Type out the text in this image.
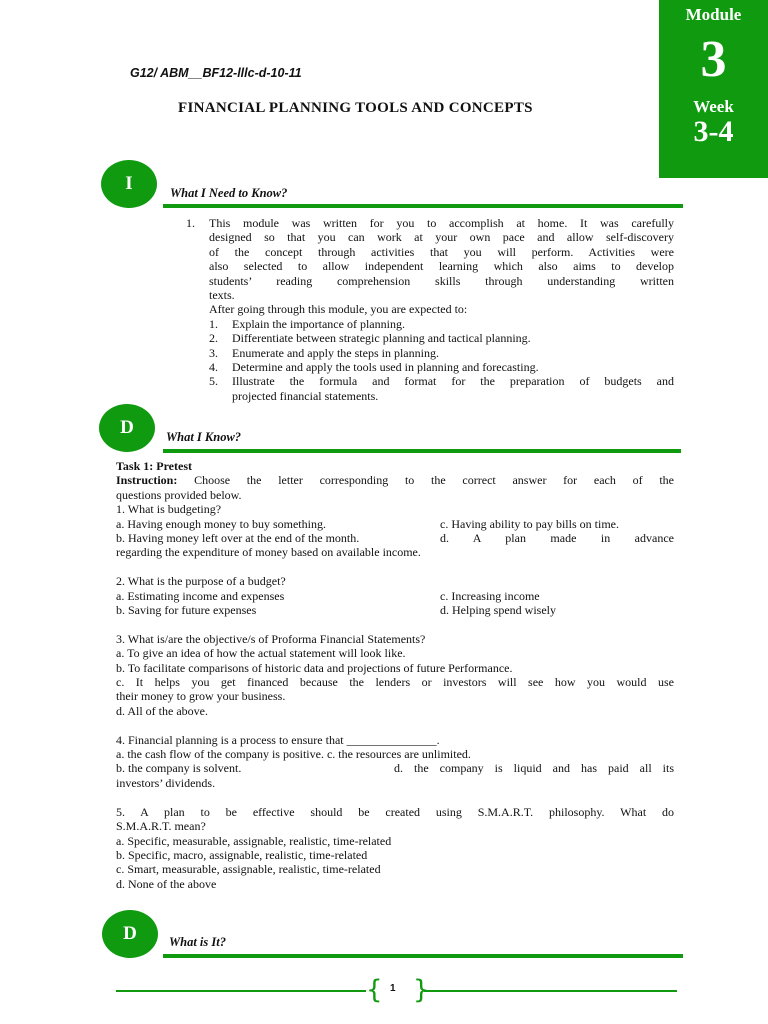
Module
3
Week
3-4
G12/ ABM__BF12-lllc-d-10-11
FINANCIAL PLANNING TOOLS AND CONCEPTS
I	What I Need to Know?
1.	This module was written for you to accomplish at home. It was carefully
designed so that you can work at your own pace and allow self-discovery
of the concept through activities that you will perform. Activities were
also selected to allow independent learning which also aims to develop
students’ reading comprehension skills through understanding written
texts.
After going through this module, you are expected to:
1.	Explain the importance of planning.
2.	Differentiate between strategic planning and tactical planning.
3.	Enumerate and apply the steps in planning.
4.	Determine and apply the tools used in planning and forecasting.
5.	Illustrate the formula and format for the preparation of budgets and
projected financial statements.
D	What I Know?
Task 1: Pretest
Instruction: Choose the letter corresponding to the correct answer for each of the
questions provided below.
1. What is budgeting?
a. Having enough money to buy something.	c. Having ability to pay bills on time.
b. Having money left over at the end of the month.	d. A plan made in advance
regarding the expenditure of money based on available income.
2. What is the purpose of a budget?
a. Estimating income and expenses	c. Increasing income
b. Saving for future expenses	d. Helping spend wisely
3. What is/are the objective/s of Proforma Financial Statements?
a. To give an idea of how the actual statement will look like.
b. To facilitate comparisons of historic data and projections of future Performance.
c. It helps you get financed because the lenders or investors will see how you would use
their money to grow your business.
d. All of the above.
4. Financial planning is a process to ensure that _______________.
a. the cash flow of the company is positive. c. the resources are unlimited.
b. the company is solvent.	d. the company is liquid and has paid all its
investors’ dividends.
5. A plan to be effective should be created using S.M.A.R.T. philosophy. What do
S.M.A.R.T. mean?
a. Specific, measurable, assignable, realistic, time-related
b. Specific, macro, assignable, realistic, time-related
c. Smart, measurable, assignable, realistic, time-related
d. None of the above
D	What is It?
{ }
1
